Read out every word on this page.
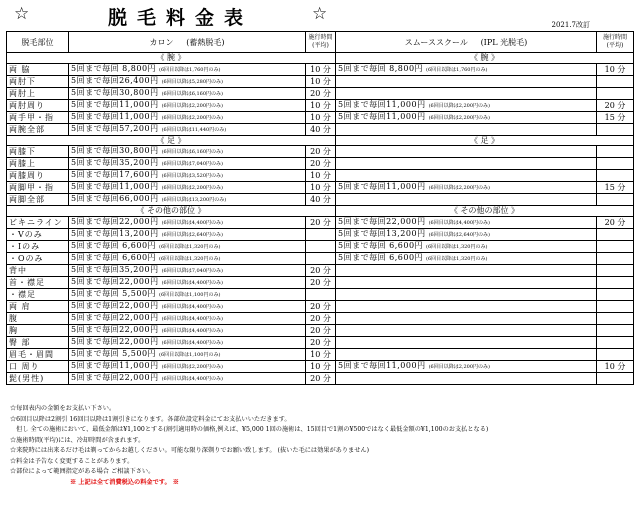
☆	脱毛料金表	☆
2021.7改訂
脱毛部位	カロン (蓄熱脱毛)	施行時間(平均)	スムーススクール (IPL 光脱毛)	施行時間(平均)
《 腕 》			《 腕 》	
両 脇	5回まで毎回 8,800円 (6回目以降は1,760円のみ)	10 分	5回まで毎回 8,800円 (6回目以降は1,760円のみ)	10 分
両肘下	5回まで毎回26,400円 (6回目以降は5,280円のみ)	10 分		
両肘上	5回まで毎回30,800円 (6回目以降は6,160円のみ)	20 分		
両肘周り	5回まで毎回11,000円 (6回目以降は2,200円のみ)	10 分	5回まで毎回11,000円 (6回目以降は2,200円のみ)	20 分
両手甲・指	5回まで毎回11,000円 (6回目以降は2,200円のみ)	10 分	5回まで毎回11,000円 (6回目以降は2,200円のみ)	15 分
両腕全部	5回まで毎回57,200円 (6回目以降は11,440円のみ)	40 分		
《 足 》			《 足 》	
両膝下	5回まで毎回30,800円 (6回目以降は6,160円のみ)	20 分		
両膝上	5回まで毎回35,200円 (6回目以降は7,040円のみ)	20 分		
両膝周り	5回まで毎回17,600円 (6回目以降は3,520円のみ)	10 分		
両脚甲・指	5回まで毎回11,000円 (6回目以降は2,200円のみ)	10 分	5回まで毎回11,000円 (6回目以降は2,200円のみ)	15 分
両脚全部	5回まで毎回66,000円 (6回目以降は13,200円のみ)	40 分		
《 その他の部位 》			《 その他の部位 》	
ビキニライン	5回まで毎回22,000円 (6回目以降は4,400円のみ)	20 分	5回まで毎回22,000円 (6回目以降は4,400円のみ)	20 分
・Vのみ	5回まで毎回13,200円 (6回目以降は2,640円のみ)		5回まで毎回13,200円 (6回目以降は2,640円のみ)	
・Iのみ	5回まで毎回 6,600円 (6回目以降は1,320円のみ)		5回まで毎回 6,600円 (6回目以降は1,320円のみ)	
・Oのみ	5回まで毎回 6,600円 (6回目以降は1,320円のみ)		5回まで毎回 6,600円 (6回目以降は1,320円のみ)	
背中	5回まで毎回35,200円 (6回目以降は7,040円のみ)	20 分		
首・襟足	5回まで毎回22,000円 (6回目以降は4,400円のみ)	20 分		
・襟足	5回まで毎回 5,500円 (6回目以降は1,100円のみ)			
両 肩	5回まで毎回22,000円 (6回目以降は4,400円のみ)	20 分		
腹	5回まで毎回22,000円 (6回目以降は4,400円のみ)	20 分		
胸	5回まで毎回22,000円 (6回目以降は4,400円のみ)	20 分		
臀 部	5回まで毎回22,000円 (6回目以降は4,400円のみ)	20 分		
眉毛・眉間	5回まで毎回 5,500円 (6回目以降は1,100円のみ)	10 分		
口 周り	5回まで毎回11,000円 (6回目以降は2,200円のみ)	10 分	5回まで毎回11,000円 (6回目以降は2,200円のみ)	10 分
髭(男性)	5回まで毎回22,000円 (6回目以降は4,400円のみ)	20 分		
☆毎回表内の金額をお支払い下さい。
☆6回目以降は2割引 16回目以降は1割引きになります。各部位設定料金にてお支払いいただきます。
　但し 全ての施術において、最低金額は¥1,100とする(割引適用時の価格,例えば、¥5,000 1回の施術は、15回目で1割の¥500ではなく最低金額の¥1,100のお支払となる)
☆施術時間(平均)には、冷却時間が含まれます。
☆来院時には出来るだけ毛は剃ってからお越しください。可能な限り深剃りでお願い致します。 (抜いた毛には効果がありません)
☆料金は予告なく変更することがあります。
☆部位によって範囲指定がある場合 ご相談下さい。
※ 上記は全て消費税込の料金です。 ※
